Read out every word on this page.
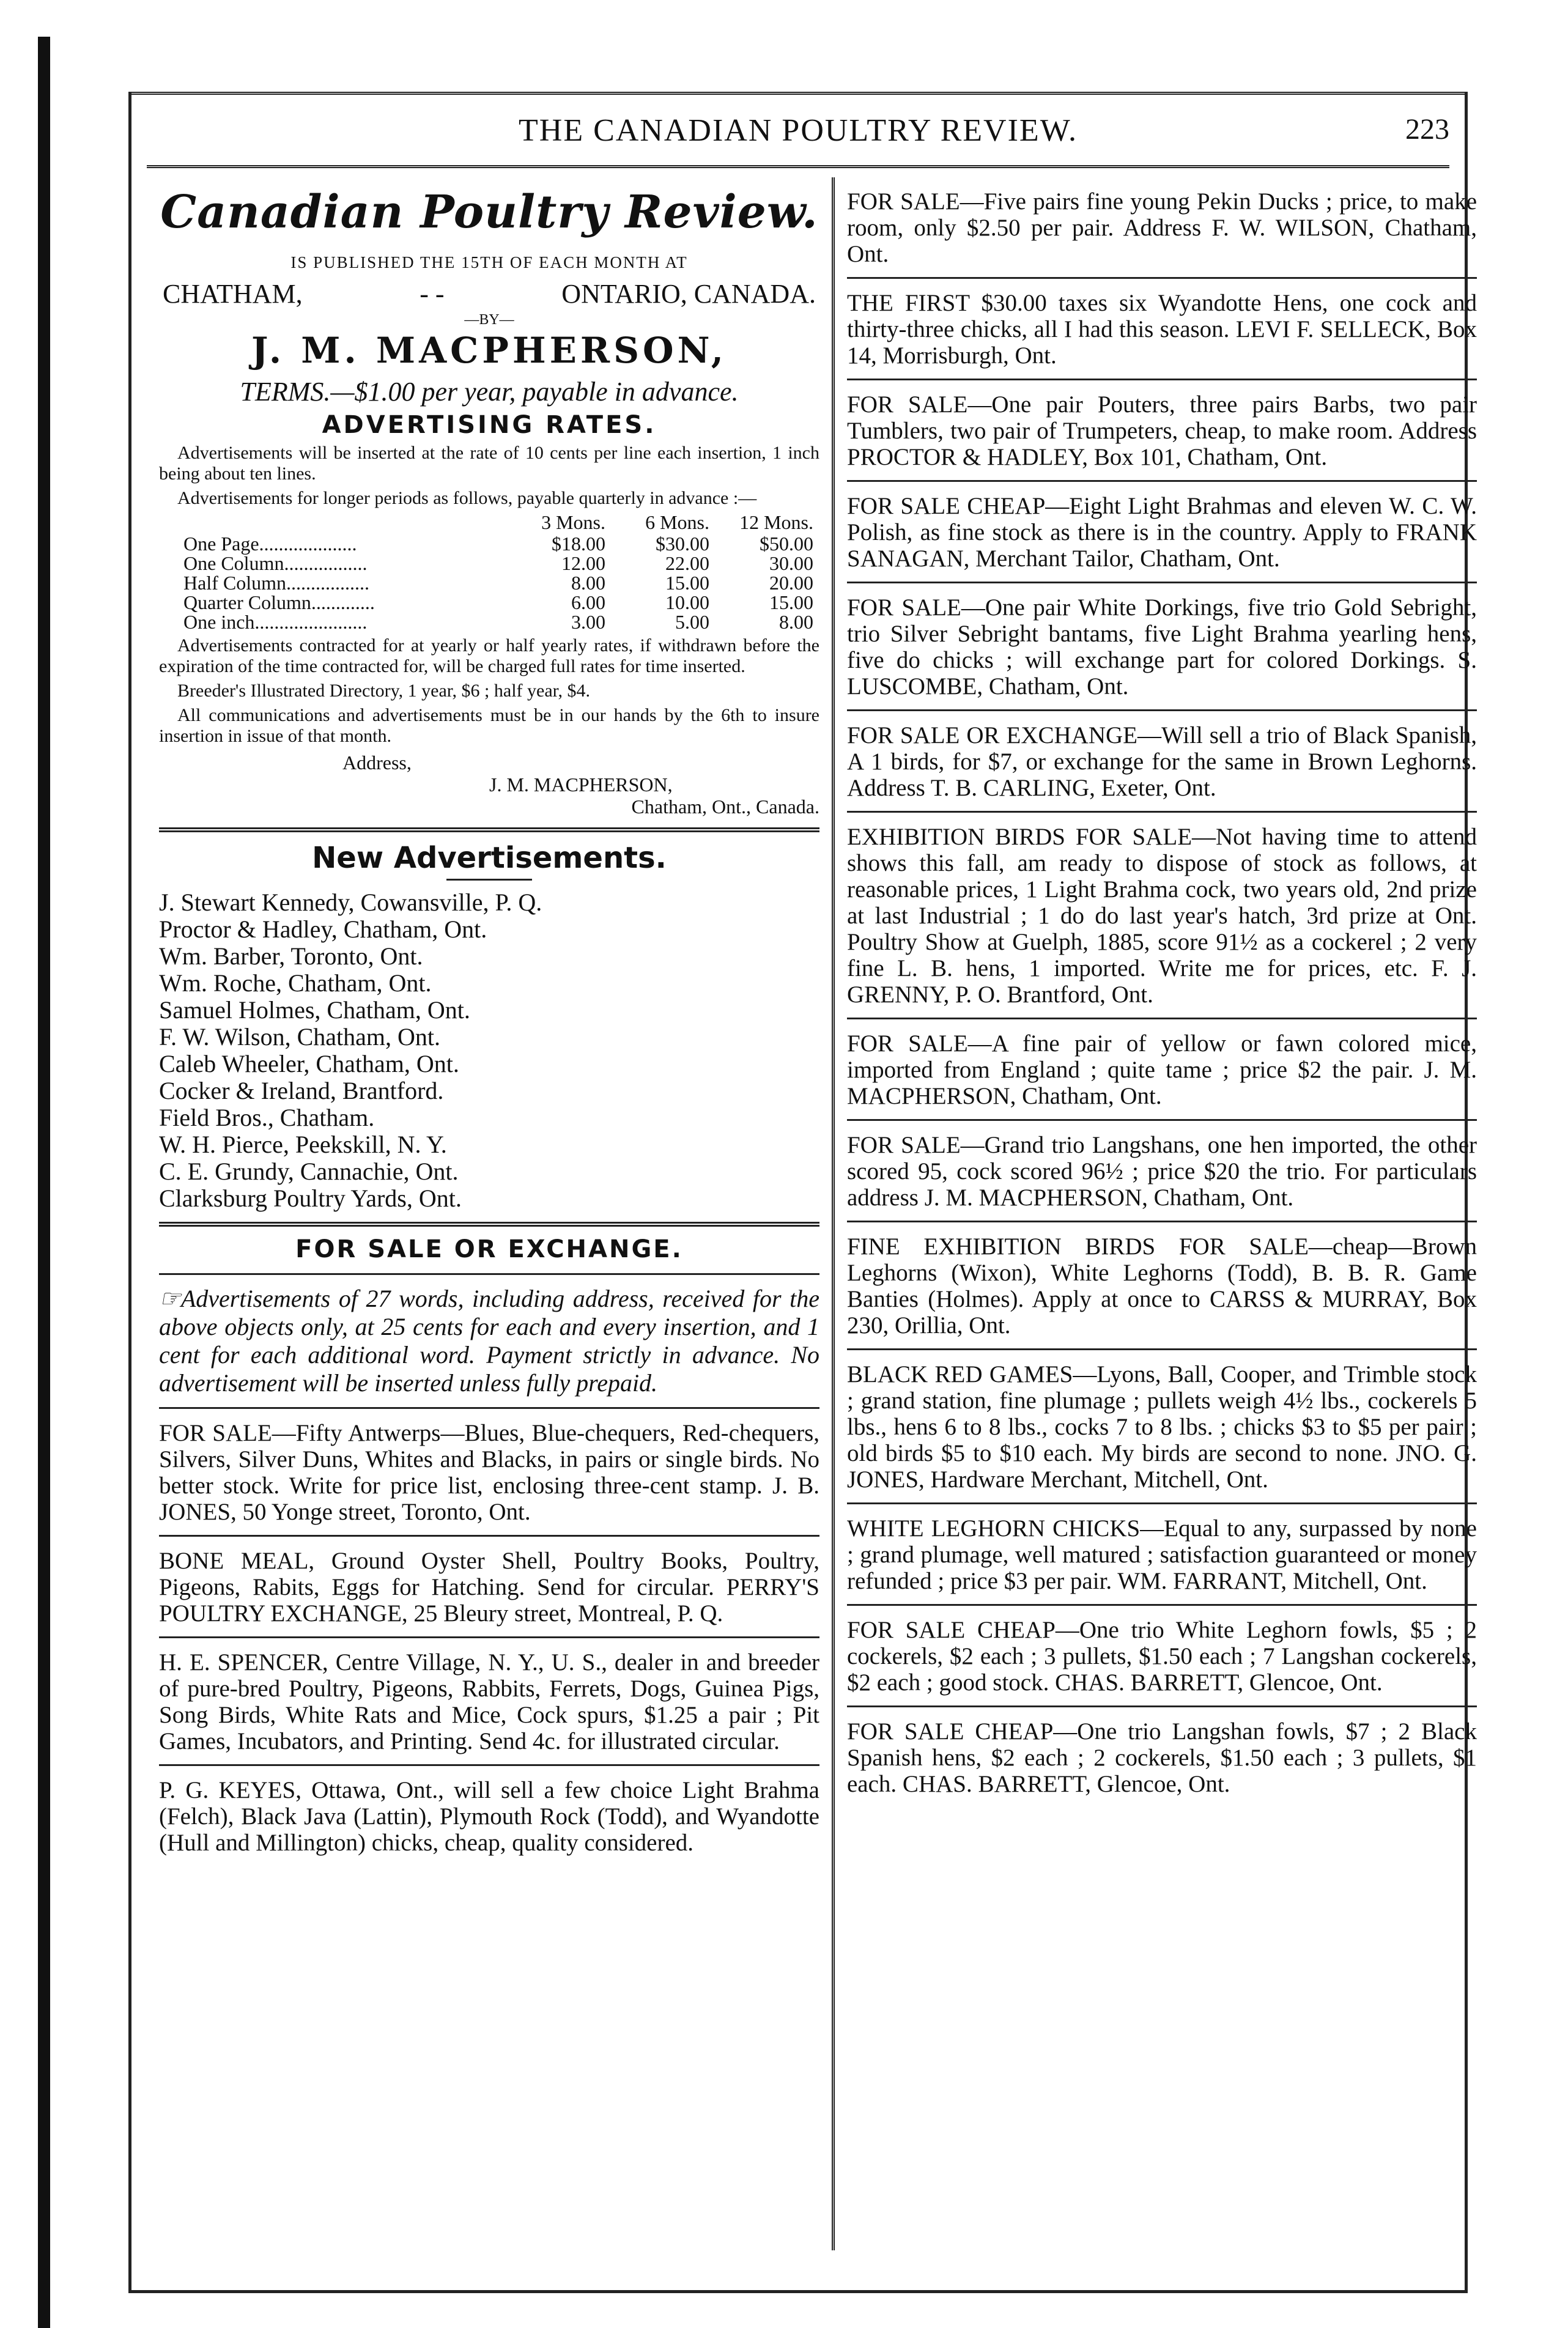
THE CANADIAN POULTRY REVIEW.	223
Canadian Poultry Review.
IS PUBLISHED THE 15TH OF EACH MONTH AT
CHATHAM,	- -	ONTARIO, CANADA.
—BY—
J. M. MACPHERSON,
TERMS.—$1.00 per year, payable in advance.
ADVERTISING RATES.

Advertisements will be inserted at the rate of 10 cents per line each insertion, 1 inch being about ten lines.

Advertisements for longer periods as follows, payable quarterly in advance :—

	3 Mons.	6 Mons.	12 Mons.
One Page....................	$18.00	$30.00	$50.00
One Column.................	12.00	22.00	30.00
Half Column.................	8.00	15.00	20.00
Quarter Column.............	6.00	10.00	15.00
One inch.......................	3.00	5.00	8.00

Advertisements contracted for at yearly or half yearly rates, if withdrawn before the expiration of the time contracted for, will be charged full rates for time inserted.

Breeder's Illustrated Directory, 1 year, $6 ; half year, $4.

All communications and advertisements must be in our hands by the 6th to insure insertion in issue of that month.

Address,
J. M. MACPHERSON,
Chatham, Ont., Canada.
New Advertisements.
J. Stewart Kennedy, Cowansville, P. Q.
Proctor & Hadley, Chatham, Ont.
Wm. Barber, Toronto, Ont.
Wm. Roche, Chatham, Ont.
Samuel Holmes, Chatham, Ont.
F. W. Wilson, Chatham, Ont.
Caleb Wheeler, Chatham, Ont.
Cocker & Ireland, Brantford.
Field Bros., Chatham.
W. H. Pierce, Peekskill, N. Y.
C. E. Grundy, Cannachie, Ont.
Clarksburg Poultry Yards, Ont.
FOR SALE OR EXCHANGE.
☞Advertisements of 27 words, including address, received for the above objects only, at 25 cents for each and every insertion, and 1 cent for each additional word. Payment strictly in advance. No advertisement will be inserted unless fully prepaid.
FOR SALE—Fifty Antwerps—Blues, Blue-chequers, Red-chequers, Silvers, Silver Duns, Whites and Blacks, in pairs or single birds. No better stock. Write for price list, enclosing three-cent stamp. J. B. JONES, 50 Yonge street, Toronto, Ont.
BONE MEAL, Ground Oyster Shell, Poultry Books, Poultry, Pigeons, Rabits, Eggs for Hatching. Send for circular. PERRY'S POULTRY EXCHANGE, 25 Bleury street, Montreal, P. Q.
H. E. SPENCER, Centre Village, N. Y., U. S., dealer in and breeder of pure-bred Poultry, Pigeons, Rabbits, Ferrets, Dogs, Guinea Pigs, Song Birds, White Rats and Mice, Cock spurs, $1.25 a pair ; Pit Games, Incubators, and Printing. Send 4c. for illustrated circular.
P. G. KEYES, Ottawa, Ont., will sell a few choice Light Brahma (Felch), Black Java (Lattin), Plymouth Rock (Todd), and Wyandotte (Hull and Millington) chicks, cheap, quality considered.
FOR SALE—Five pairs fine young Pekin Ducks ; price, to make room, only $2.50 per pair. Address F. W. WILSON, Chatham, Ont.
THE FIRST $30.00 taxes six Wyandotte Hens, one cock and thirty-three chicks, all I had this season. LEVI F. SELLECK, Box 14, Morrisburgh, Ont.
FOR SALE—One pair Pouters, three pairs Barbs, two pair Tumblers, two pair of Trumpeters, cheap, to make room. Address PROCTOR & HADLEY, Box 101, Chatham, Ont.
FOR SALE CHEAP—Eight Light Brahmas and eleven W. C. W. Polish, as fine stock as there is in the country. Apply to FRANK SANAGAN, Merchant Tailor, Chatham, Ont.
FOR SALE—One pair White Dorkings, five trio Gold Sebright, trio Silver Sebright bantams, five Light Brahma yearling hens, five do chicks ; will exchange part for colored Dorkings. S. LUSCOMBE, Chatham, Ont.
FOR SALE OR EXCHANGE—Will sell a trio of Black Spanish, A 1 birds, for $7, or exchange for the same in Brown Leghorns. Address T. B. CARLING, Exeter, Ont.
EXHIBITION BIRDS FOR SALE—Not having time to attend shows this fall, am ready to dispose of stock as follows, at reasonable prices, 1 Light Brahma cock, two years old, 2nd prize at last Industrial ; 1 do do last year's hatch, 3rd prize at Ont. Poultry Show at Guelph, 1885, score 91½ as a cockerel ; 2 very fine L. B. hens, 1 imported. Write me for prices, etc. F. J. GRENNY, P. O. Brantford, Ont.
FOR SALE—A fine pair of yellow or fawn colored mice, imported from England ; quite tame ; price $2 the pair. J. M. MACPHERSON, Chatham, Ont.
FOR SALE—Grand trio Langshans, one hen imported, the other scored 95, cock scored 96½ ; price $20 the trio. For particulars address J. M. MACPHERSON, Chatham, Ont.
FINE EXHIBITION BIRDS FOR SALE—cheap—Brown Leghorns (Wixon), White Leghorns (Todd), B. B. R. Game Banties (Holmes). Apply at once to CARSS & MURRAY, Box 230, Orillia, Ont.
BLACK RED GAMES—Lyons, Ball, Cooper, and Trimble stock ; grand station, fine plumage ; pullets weigh 4½ lbs., cockerels 5 lbs., hens 6 to 8 lbs., cocks 7 to 8 lbs. ; chicks $3 to $5 per pair ; old birds $5 to $10 each. My birds are second to none. JNO. G. JONES, Hardware Merchant, Mitchell, Ont.
WHITE LEGHORN CHICKS—Equal to any, surpassed by none ; grand plumage, well matured ; satisfaction guaranteed or money refunded ; price $3 per pair. WM. FARRANT, Mitchell, Ont.
FOR SALE CHEAP—One trio White Leghorn fowls, $5 ; 2 cockerels, $2 each ; 3 pullets, $1.50 each ; 7 Langshan cockerels, $2 each ; good stock. CHAS. BARRETT, Glencoe, Ont.
FOR SALE CHEAP—One trio Langshan fowls, $7 ; 2 Black Spanish hens, $2 each ; 2 cockerels, $1.50 each ; 3 pullets, $1 each. CHAS. BARRETT, Glencoe, Ont.
